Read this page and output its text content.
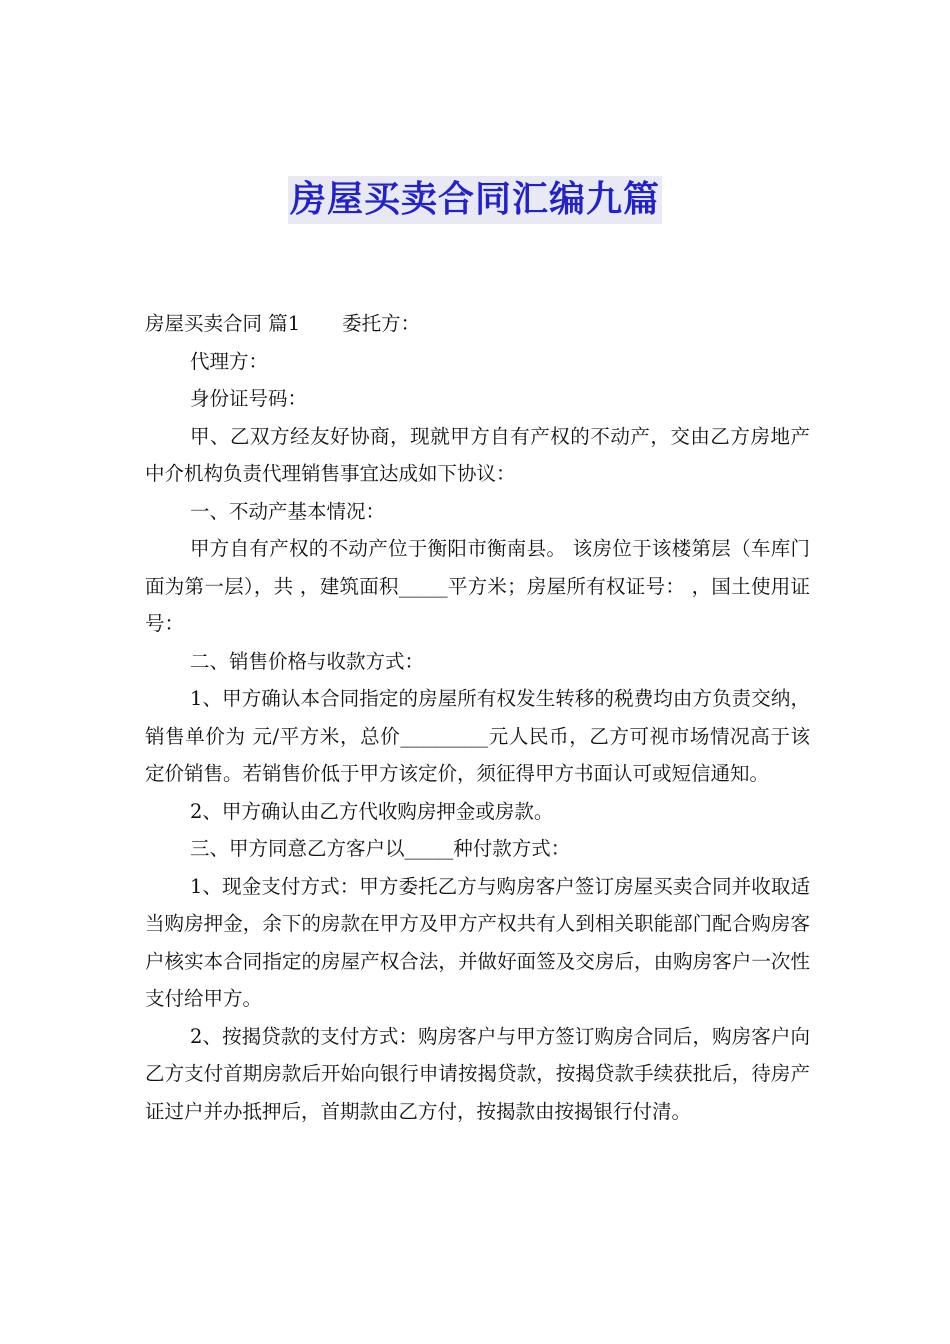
房屋买卖合同汇编九篇

房屋买卖合同 篇1 委托方：

代理方：

身份证号码：

甲、乙双方经友好协商，现就甲方自有产权的不动产，交由乙方房地产中介机构负责代理销售事宜达成如下协议：

一、不动产基本情况：

甲方自有产权的不动产位于衡阳市衡南县。 该房位于该楼第层（车库门面为第一层），共 ，建筑面积_____平方米；房屋所有权证号： ，国土使用证号：

二、销售价格与收款方式：

1、甲方确认本合同指定的房屋所有权发生转移的税费均由方负责交纳，销售单价为 元/平方米，总价_________元人民币，乙方可视市场情况高于该定价销售。若销售价低于甲方该定价，须征得甲方书面认可或短信通知。

2、甲方确认由乙方代收购房押金或房款。

三、甲方同意乙方客户以_____种付款方式：

1、现金支付方式：甲方委托乙方与购房客户签订房屋买卖合同并收取适当购房押金，余下的房款在甲方及甲方产权共有人到相关职能部门配合购房客户核实本合同指定的房屋产权合法，并做好面签及交房后，由购房客户一次性支付给甲方。

2、按揭贷款的支付方式：购房客户与甲方签订购房合同后，购房客户向乙方支付首期房款后开始向银行申请按揭贷款，按揭贷款手续获批后，待房产证过户并办抵押后，首期款由乙方付，按揭款由按揭银行付清。
